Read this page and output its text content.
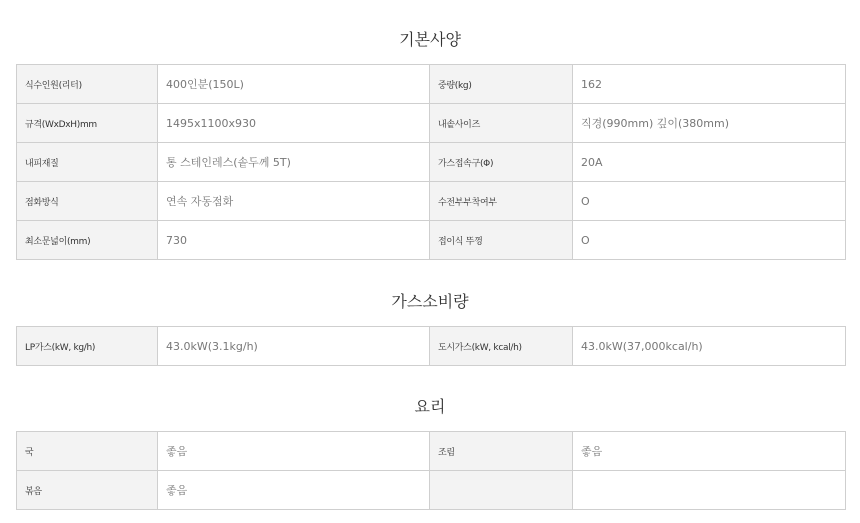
기본사양
식수인원(리터)	400인분(150L)	중량(kg)	162
규격(WxDxH)mm	1495x1100x930	내솥사이즈	직경(990mm) 깊이(380mm)
내피재질	통 스테인레스(솥두께 5T)	가스접속구(Φ)	20A
점화방식	연속 자동점화	수전부부착여부	O
최소문넓이(mm)	730	접이식 뚜껑	O
가스소비량
LP가스(kW, kg/h)	43.0kW(3.1kg/h)	도시가스(kW, kcal/h)	43.0kW(37,000kcal/h)
요리
국	좋음	조림	좋음
볶음	좋음		
